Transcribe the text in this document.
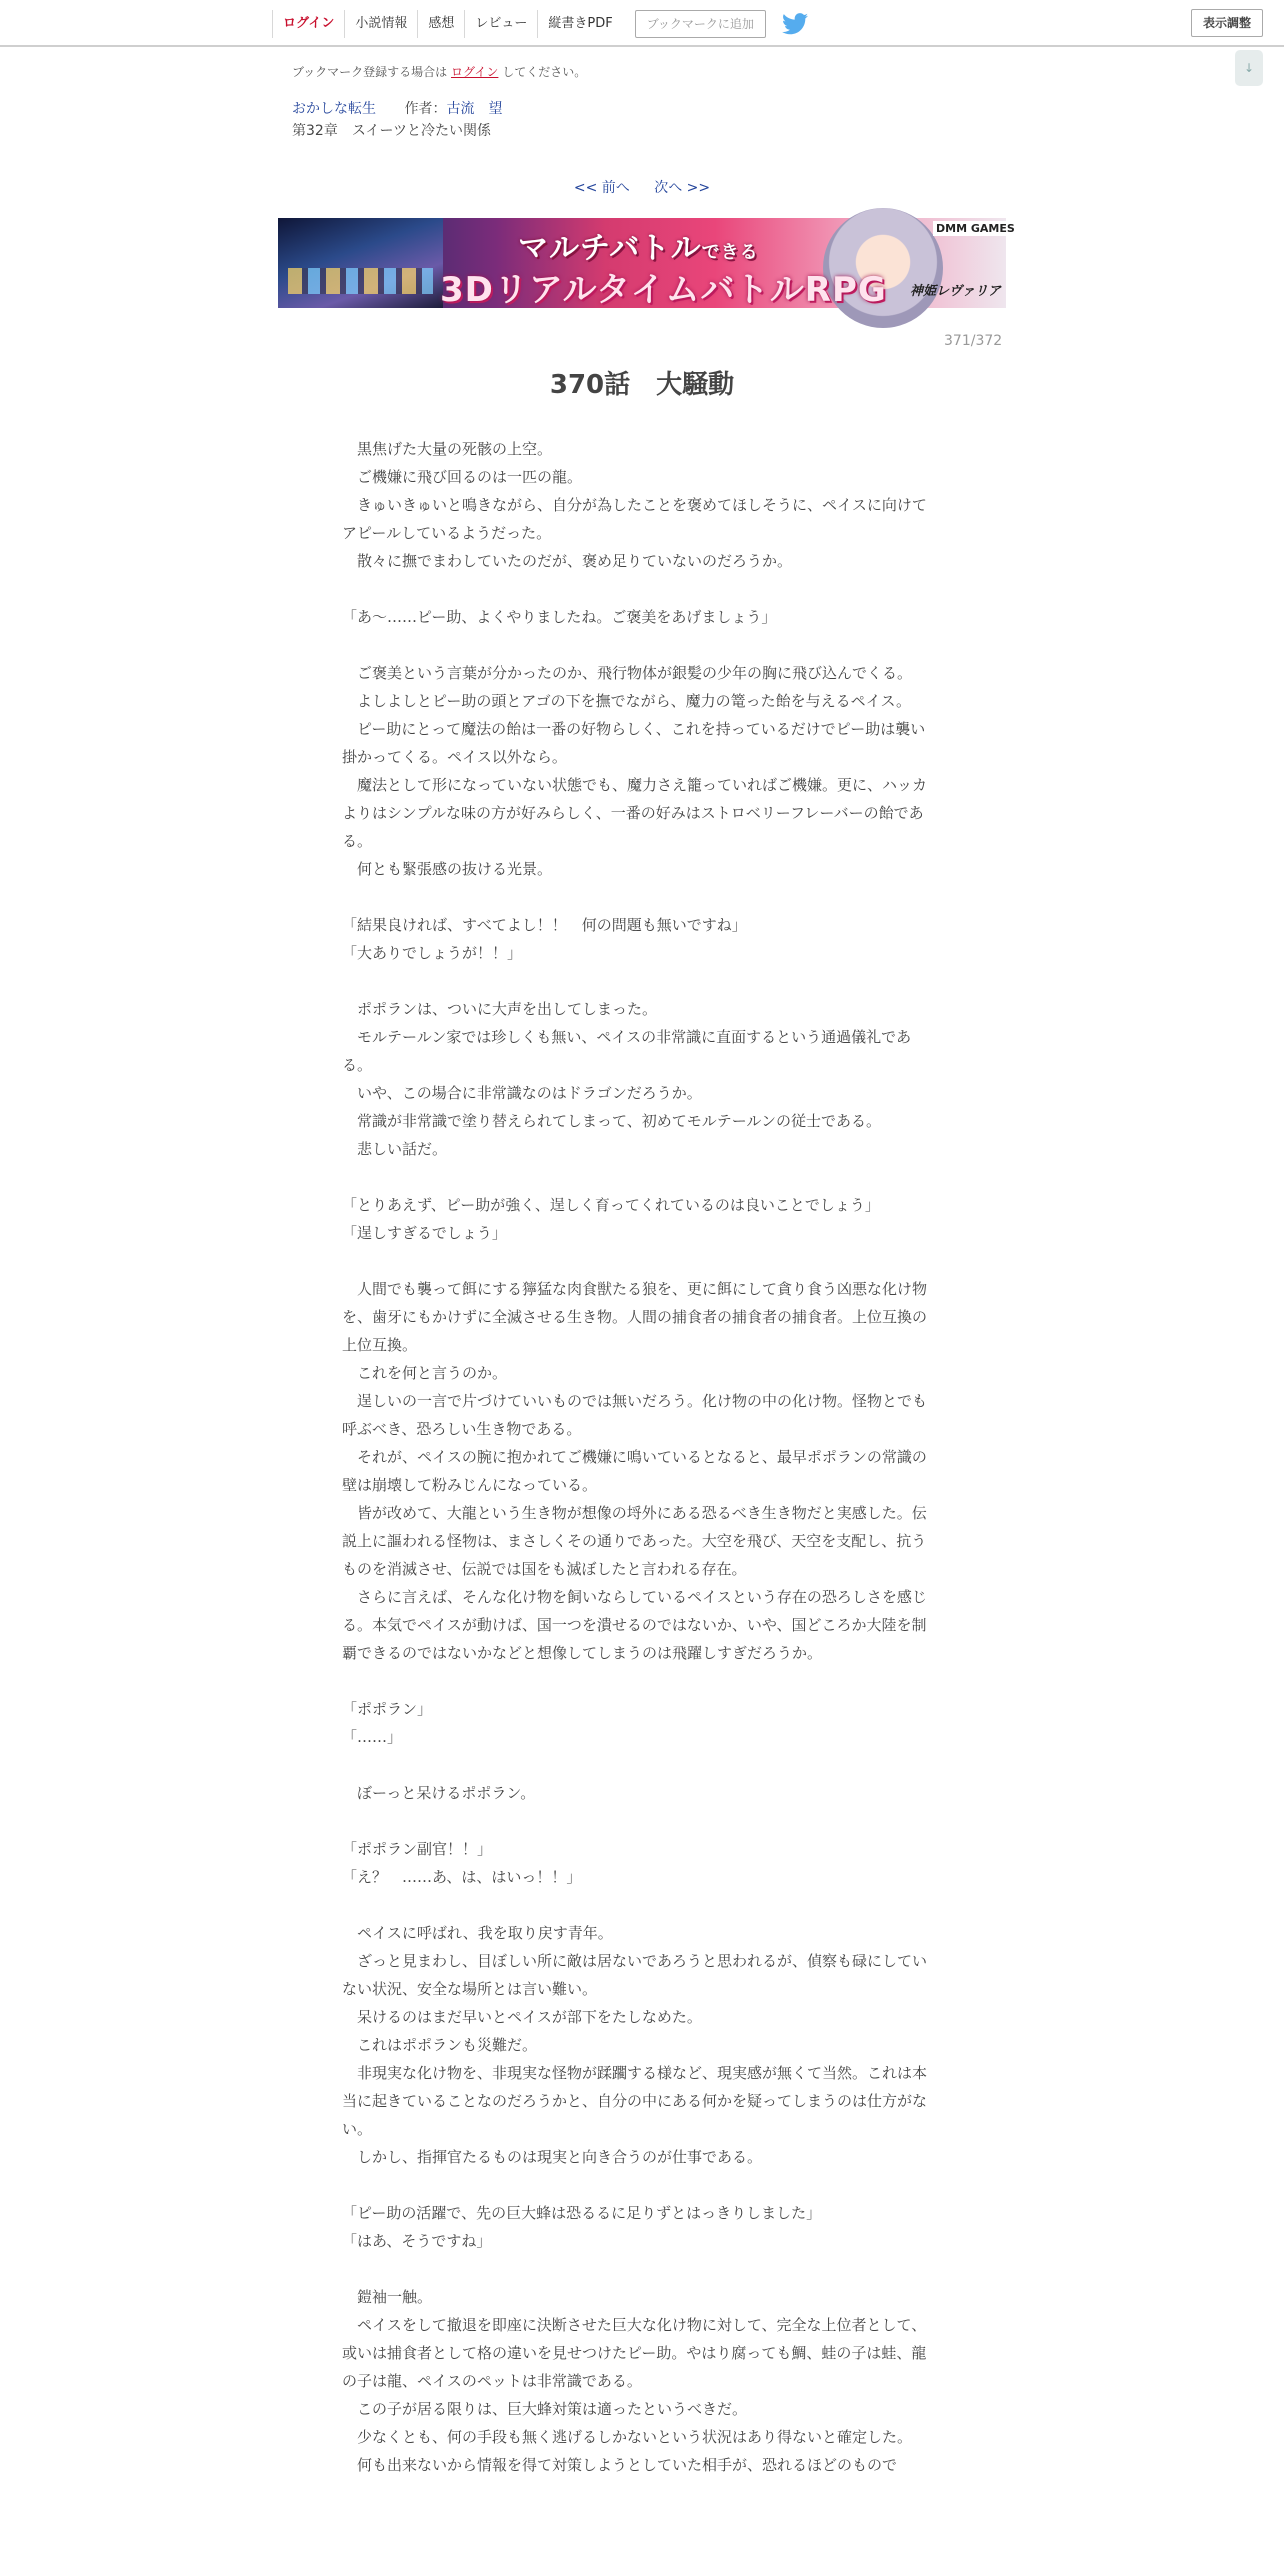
ログイン	小説情報	感想	レビュー	縦書きPDF	ブックマークに追加	表示調整
↓
ブックマーク登録する場合は ログイン してください。
おかしな転生 作者：古流　望
第32章　スイーツと冷たい関係
<< 前へ 次へ >>
マルチバトルできる
3DリアルタイムバトルRPG
DMM GAMES
神姫レヴァリア
371/372
370話　大騒動

　黒焦げた大量の死骸の上空。

　ご機嫌に飛び回るのは一匹の龍。

　きゅいきゅいと鳴きながら、自分が為したことを褒めてほしそうに、ペイスに向けてアピールしているようだった。

　散々に撫でまわしていたのだが、褒め足りていないのだろうか。

「あ～……ピー助、よくやりましたね。ご褒美をあげましょう」

　ご褒美という言葉が分かったのか、飛行物体が銀髪の少年の胸に飛び込んでくる。

　よしよしとピー助の頭とアゴの下を撫でながら、魔力の篭った飴を与えるペイス。

　ピー助にとって魔法の飴は一番の好物らしく、これを持っているだけでピー助は襲い掛かってくる。ペイス以外なら。

　魔法として形になっていない状態でも、魔力さえ籠っていればご機嫌。更に、ハッカよりはシンプルな味の方が好みらしく、一番の好みはストロベリーフレーバーの飴である。

　何とも緊張感の抜ける光景。

「結果良ければ、すべてよし！！　何の問題も無いですね」

「大ありでしょうが！！」

　ポポランは、ついに大声を出してしまった。

　モルテールン家では珍しくも無い、ペイスの非常識に直面するという通過儀礼である。

　いや、この場合に非常識なのはドラゴンだろうか。

　常識が非常識で塗り替えられてしまって、初めてモルテールンの従士である。

　悲しい話だ。

「とりあえず、ピー助が強く、逞しく育ってくれているのは良いことでしょう」

「逞しすぎるでしょう」

　人間でも襲って餌にする獰猛な肉食獣たる狼を、更に餌にして貪り食う凶悪な化け物を、歯牙にもかけずに全滅させる生き物。人間の捕食者の捕食者の捕食者。上位互換の上位互換。

　これを何と言うのか。

　逞しいの一言で片づけていいものでは無いだろう。化け物の中の化け物。怪物とでも呼ぶべき、恐ろしい生き物である。

　それが、ペイスの腕に抱かれてご機嫌に鳴いているとなると、最早ポポランの常識の壁は崩壊して粉みじんになっている。

　皆が改めて、大龍という生き物が想像の埒外にある恐るべき生き物だと実感した。伝説上に謳われる怪物は、まさしくその通りであった。大空を飛び、天空を支配し、抗うものを消滅させ、伝説では国をも滅ぼしたと言われる存在。

　さらに言えば、そんな化け物を飼いならしているペイスという存在の恐ろしさを感じる。本気でペイスが動けば、国一つを潰せるのではないか、いや、国どころか大陸を制覇できるのではないかなどと想像してしまうのは飛躍しすぎだろうか。

「ポポラン」

「……」

　ぼーっと呆けるポポラン。

「ポポラン副官！！」

「え？　……あ、は、はいっ！！」

　ペイスに呼ばれ、我を取り戻す青年。

　ざっと見まわし、目ぼしい所に敵は居ないであろうと思われるが、偵察も碌にしていない状況、安全な場所とは言い難い。

　呆けるのはまだ早いとペイスが部下をたしなめた。

　これはポポランも災難だ。

　非現実な化け物を、非現実な怪物が蹂躙する様など、現実感が無くて当然。これは本当に起きていることなのだろうかと、自分の中にある何かを疑ってしまうのは仕方がない。

　しかし、指揮官たるものは現実と向き合うのが仕事である。

「ピー助の活躍で、先の巨大蜂は恐るるに足りずとはっきりしました」

「はあ、そうですね」

　鎧袖一触。

　ペイスをして撤退を即座に決断させた巨大な化け物に対して、完全な上位者として、或いは捕食者として格の違いを見せつけたピー助。やはり腐っても鯛、蛙の子は蛙、龍の子は龍、ペイスのペットは非常識である。

　この子が居る限りは、巨大蜂対策は適ったというべきだ。

　少なくとも、何の手段も無く逃げるしかないという状況はあり得ないと確定した。

　何も出来ないから情報を得て対策しようとしていた相手が、恐れるほどのもので
